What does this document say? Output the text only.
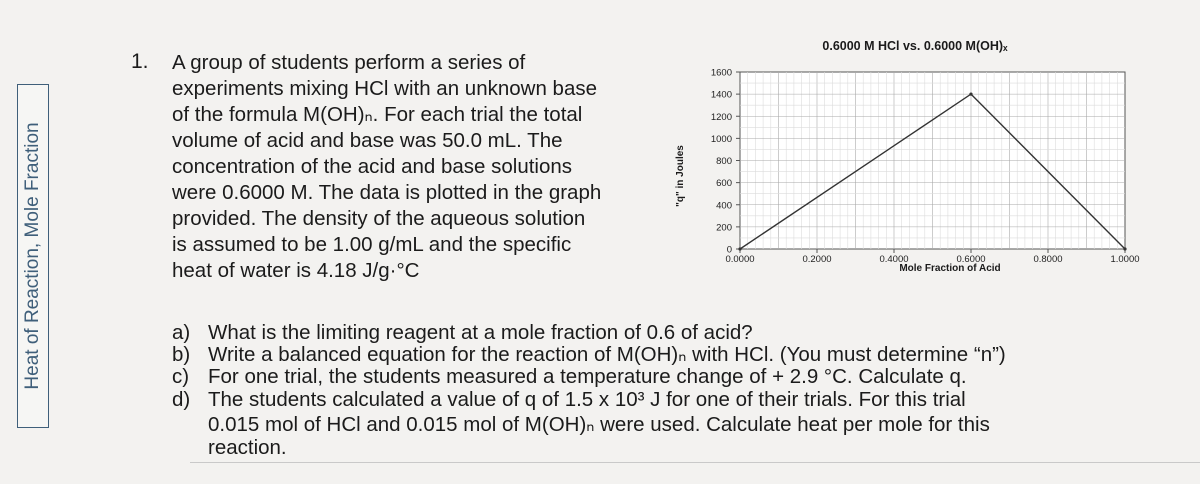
Heat of Reaction, Mole Fraction
1. A group of students perform a series of
experiments mixing HCl with an unknown base
of the formula M(OH)ₙ. For each trial the total
volume of acid and base was 50.0 mL. The
concentration of the acid and base solutions
were 0.6000 M. The data is plotted in the graph
provided. The density of the aqueous solution
is assumed to be 1.00 g/mL and the specific
heat of water is 4.18 J/g·°C
0.6000 M HCl vs. 0.6000 M(OH)ₓ
"q" in Joules
Mole Fraction of Acid
0
200
400
600
800
1000
1200
1400
1600
0.0000	0.2000	0.4000	0.6000	0.8000	1.0000
a) What is the limiting reagent at a mole fraction of 0.6 of acid?
b) Write a balanced equation for the reaction of M(OH)ₙ with HCl. (You must determine “n”)
c) For one trial, the students measured a temperature change of + 2.9 °C. Calculate q.
d) The students calculated a value of q of 1.5 x 10³ J for one of their trials. For this trial
0.015 mol of HCl and 0.015 mol of M(OH)ₙ were used. Calculate heat per mole for this
reaction.
